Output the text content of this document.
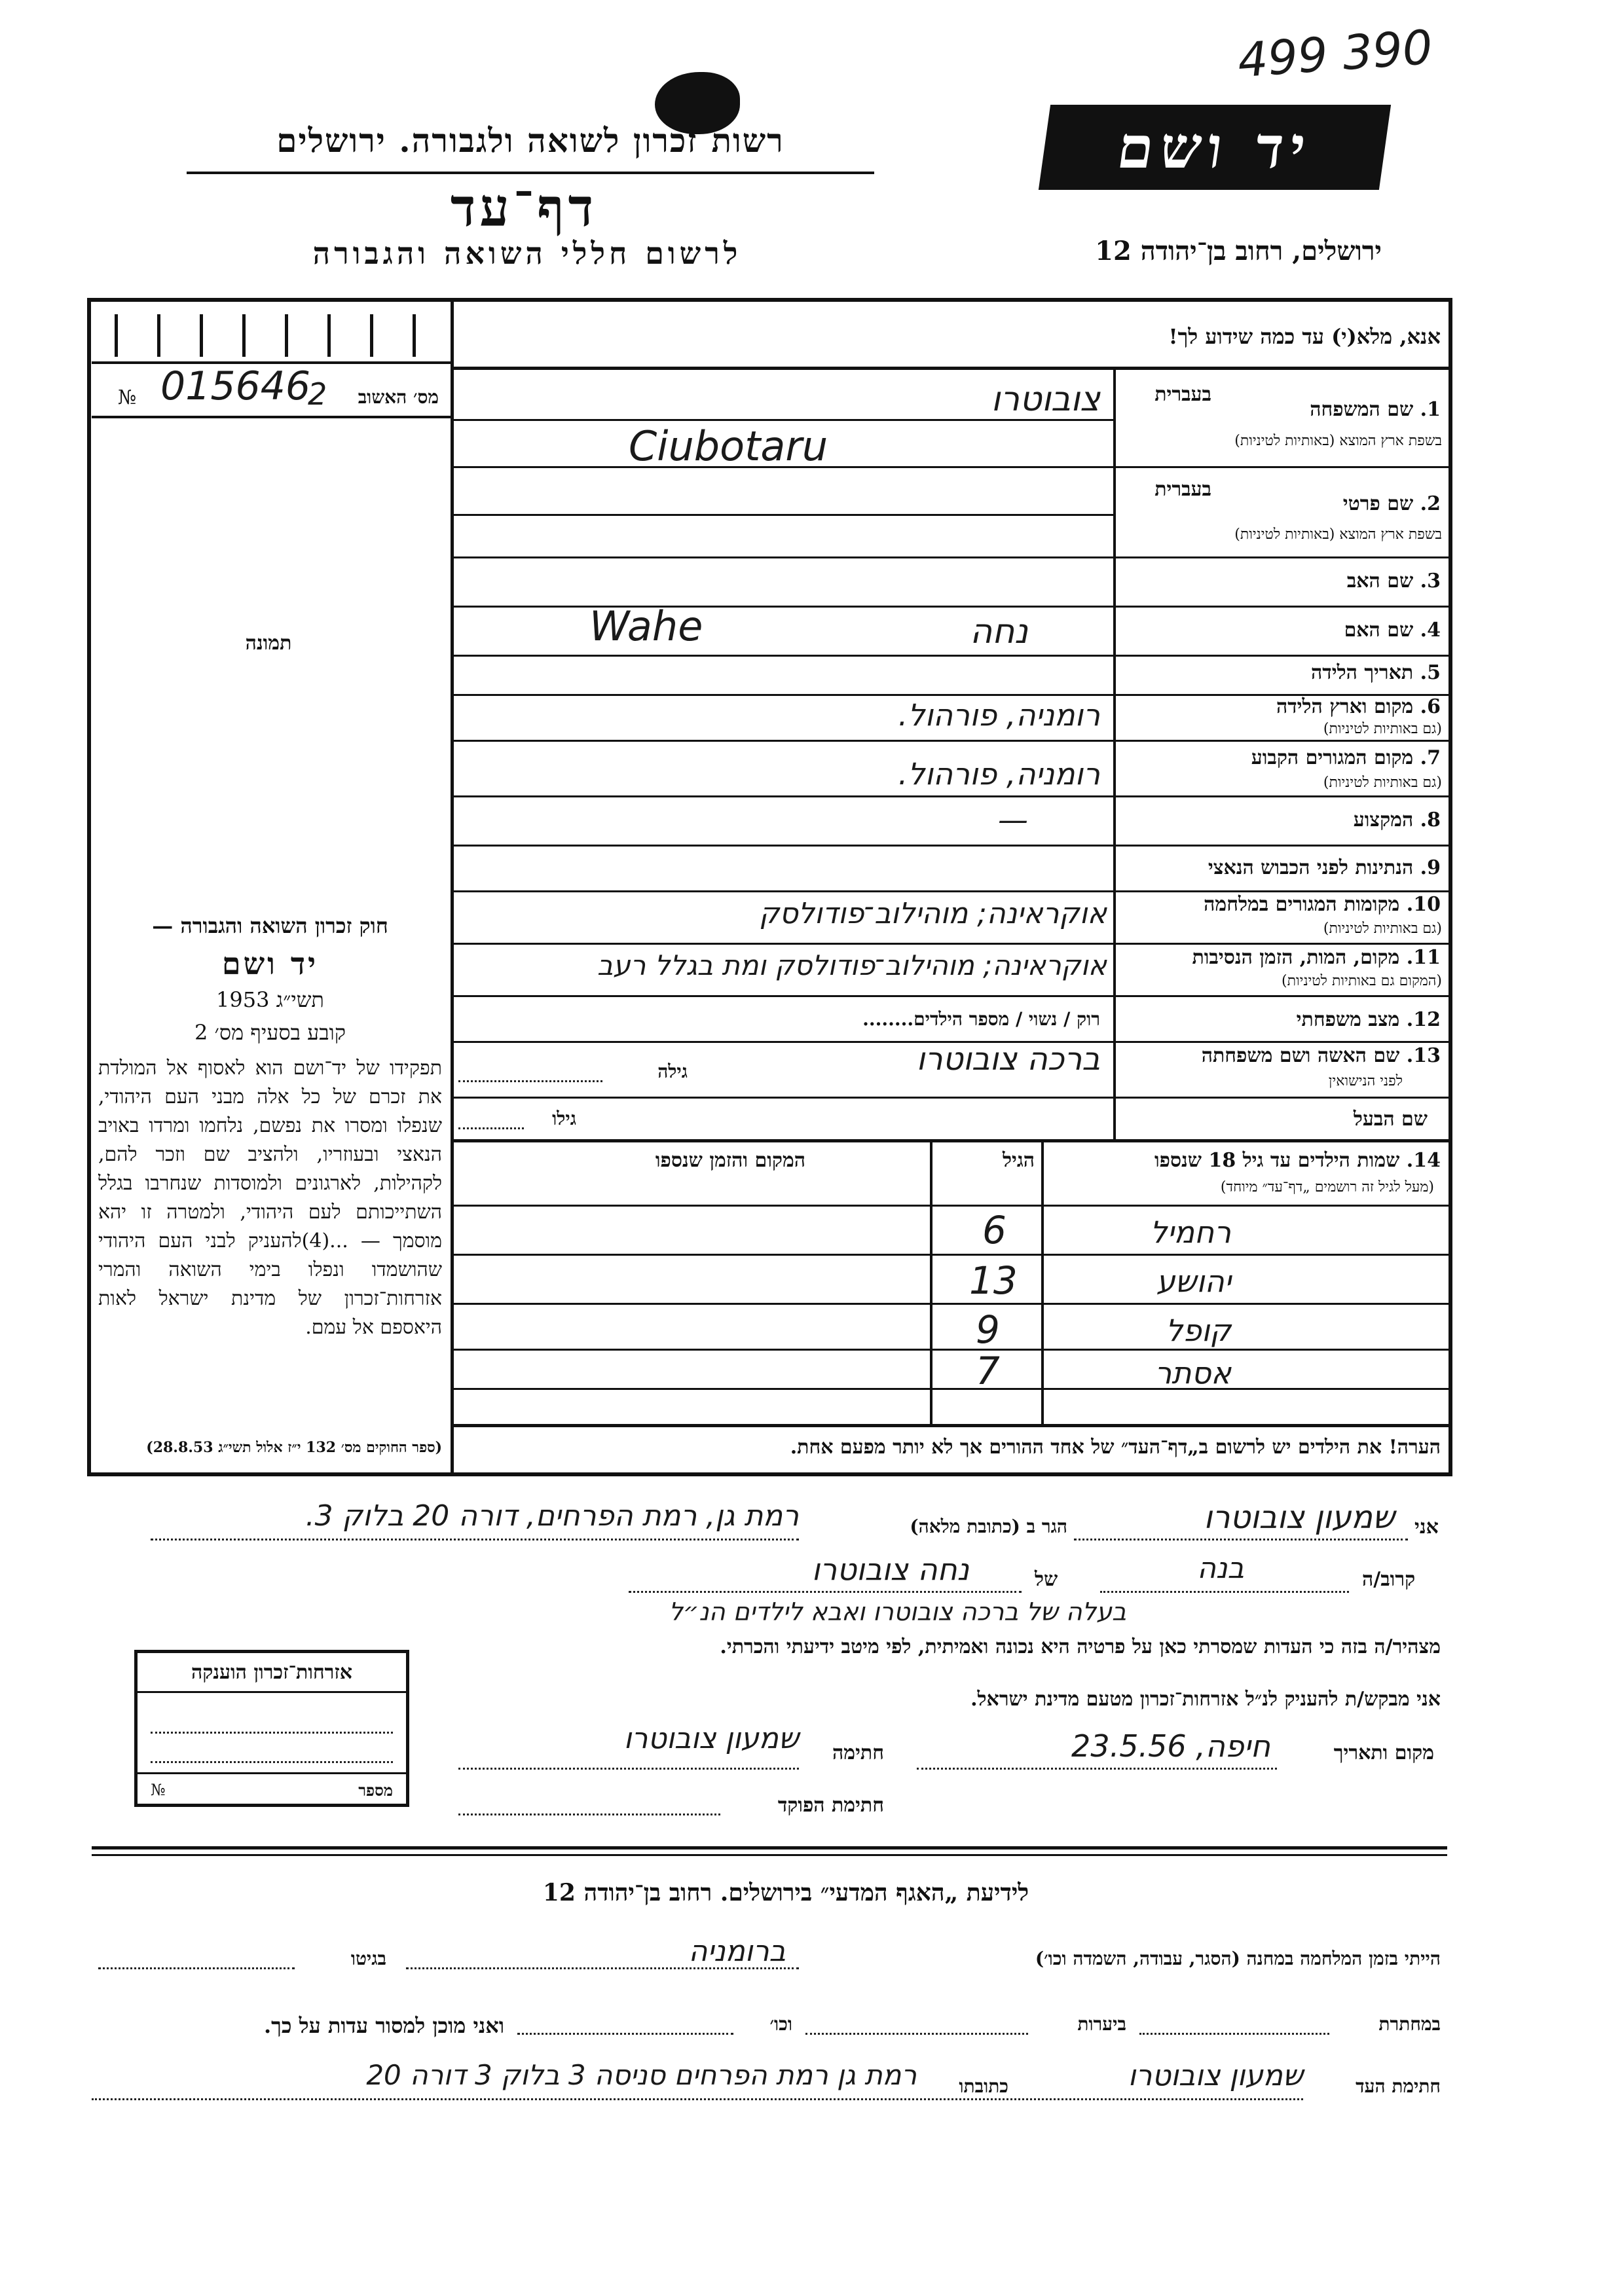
499 390
רשות־זכרון לשואה ולגבורה. ירושלים
דף־עד
לרשום חללי השואה והגבורה
יד ושם
ירושלים, רחוב בן־יהודה 12
№ 015646
2	מס׳ האשוב
תמונה
אנא, מלא(י) עד כמה שידוע לך!
בעברית
בעברית
1. שם המשפחה
בשפת ארץ המוצא (באותיות לטיניות)
2. שם פרטי
בשפת ארץ המוצא (באותיות לטיניות)
3. שם האב
4. שם האם
5. תאריך הלידה
6. מקום וארץ הלידה
(גם באותיות לטיניות)
7. מקום המגורים הקבוע
(גם באותיות לטיניות)
8. המקצוע
9. הנתינות לפני הכבוש הנאצי
10. מקומות המגורים במלחמה
(גם באותיות לטיניות)
11. מקום, המות, הזמן הנסיבות
(המקום גם באותיות לטיניות)
12. מצב משפחתי
13. שם האשה ושם משפחתה
לפני הנישואין
שם הבעל
צובוטרו
Ciubotaru
נחה
Wahe
רומניה, פורהול.
רומניה, פורהול.
—
אוקראינה; מוהילוב־פודולסק
אוקראינה; מוהילוב־פודולסק ומת בגלל רעב
רוק / נשוי / מספר הילדים........
ברכה צובוטרו
גילה
גילו
14. שמות הילדים עד גיל 18 שנספו
(מעל לגיל זה רושמים „דף־עד״ מיוחד)
הגיל
המקום והזמן שנספו
רחמיל
6
יהושע
13
קופל
9
אסתר
7
הערה! את הילדים יש לרשום ב„דף־העד״ של אחד ההורים אך לא יותר מפעם אחת.
חוק זכרון השואה והגבורה —
יד ושם
תשי״ג 1953
קובע בסעיף מס׳ 2
תפקידו של יד־ושם הוא לאסוף אל המולדת את זכרם של כל אלה מבני העם היהודי, שנפלו ומסרו את נפשם, נלחמו ומרדו באויב הנאצי ובעוזריו, ולהציב שם וזכר להם, לקהילות, לארגונים ולמוסדות שנחרבו בגלל השתייכותם לעם היהודי, ולמטרה זו יהא מוסמך — ...(4)להעניק לבני העם היהודי שהושמדו ונפלו בימי השואה והמרי אזרחות־זכרון של מדינת ישראל לאות היאספם אל עמם.
(ספר החוקים מס׳ 132 י״ז אלול תשי״ג 28.8.53)
אני
שמעון צובוטרו
הגר ב (כתובת מלאה)
רמת גן, רמת הפרחים, דורה 20 בלוק 3.
קרוב/ה
בנה
של
נחה צובוטרו
בעלה של ברכה צובוטרו ואבא לילדים הנ״ל
מצהיר/ה בזה כי העדות שמסרתי כאן על פרטיה היא נכונה ואמיתית, לפי מיטב ידיעתי והכרתי.
אני מבקש/ת להעניק לנ״ל אזרחות־זכרון מטעם מדינת ישראל.
מקום ותאריך
חיפה, 23.5.56
חתימה
שמעון צובוטרו
חתימת הפוקד
אזרחות־זכרון הוענקה
№	מספר
לידיעת „האגף המדעי״ בירושלים. רחוב בן־יהודה 12
הייתי בזמן המלחמה במחנה (הסגר, עבודה, השמדה וכו׳)
ברומניה
בגיטו
במחתרת
ביערות
וכו׳
ואני מוכן למסור עדות על כך.
חתימת העד
שמעון צובוטרו
כתובתו
רמת גן רמת הפרחים סניסה 3 בלוק 3 דורה 20
